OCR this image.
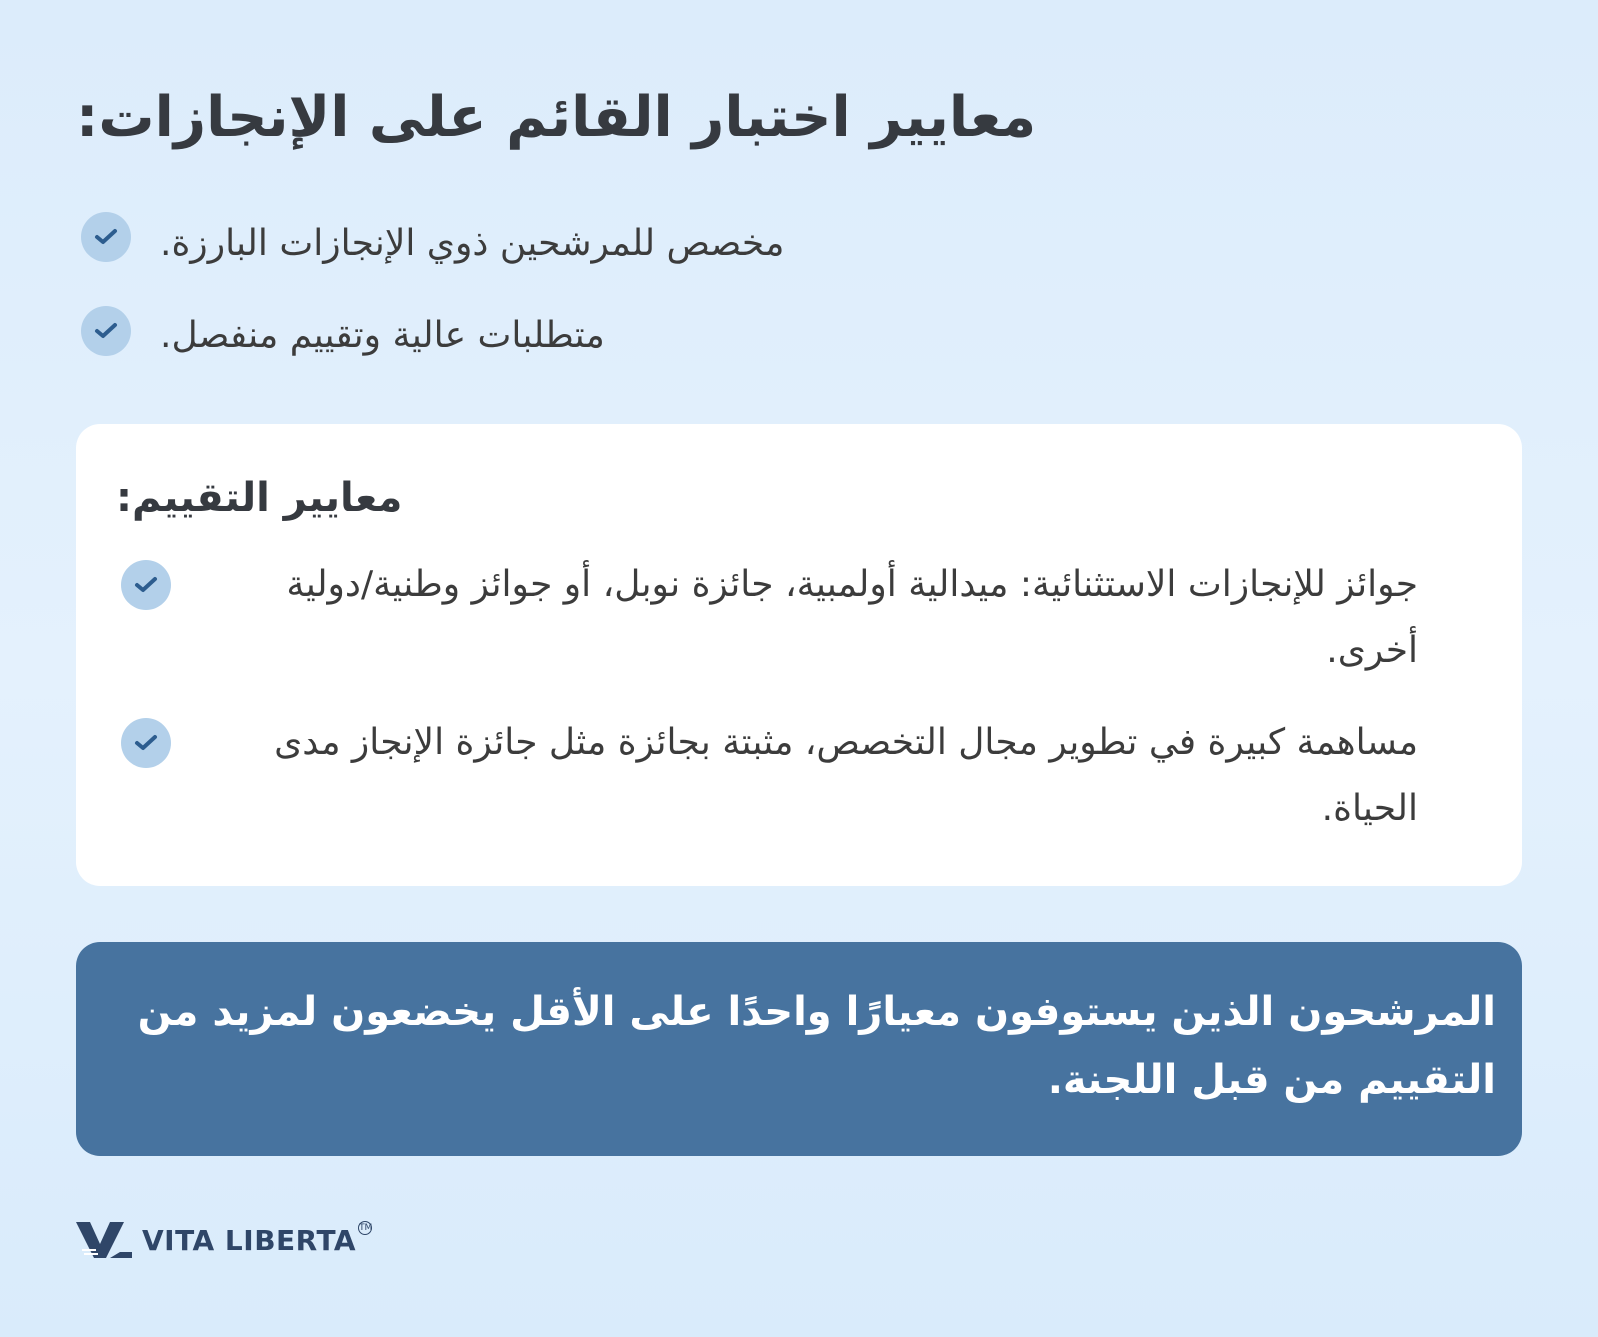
معايير اختبار القائم على الإنجازات:
مخصص للمرشحين ذوي الإنجازات البارزة.
متطلبات عالية وتقييم منفصل.
معايير التقييم:
جوائز للإنجازات الاستثنائية: ميدالية أولمبية، جائزة نوبل، أو جوائز وطنية/دولية أخرى.
مساهمة كبيرة في تطوير مجال التخصص، مثبتة بجائزة مثل جائزة الإنجاز مدى الحياة.
المرشحون الذين يستوفون معيارًا واحدًا على الأقل يخضعون لمزيد من التقييم من قبل اللجنة.
VITA LIBERTA TM
